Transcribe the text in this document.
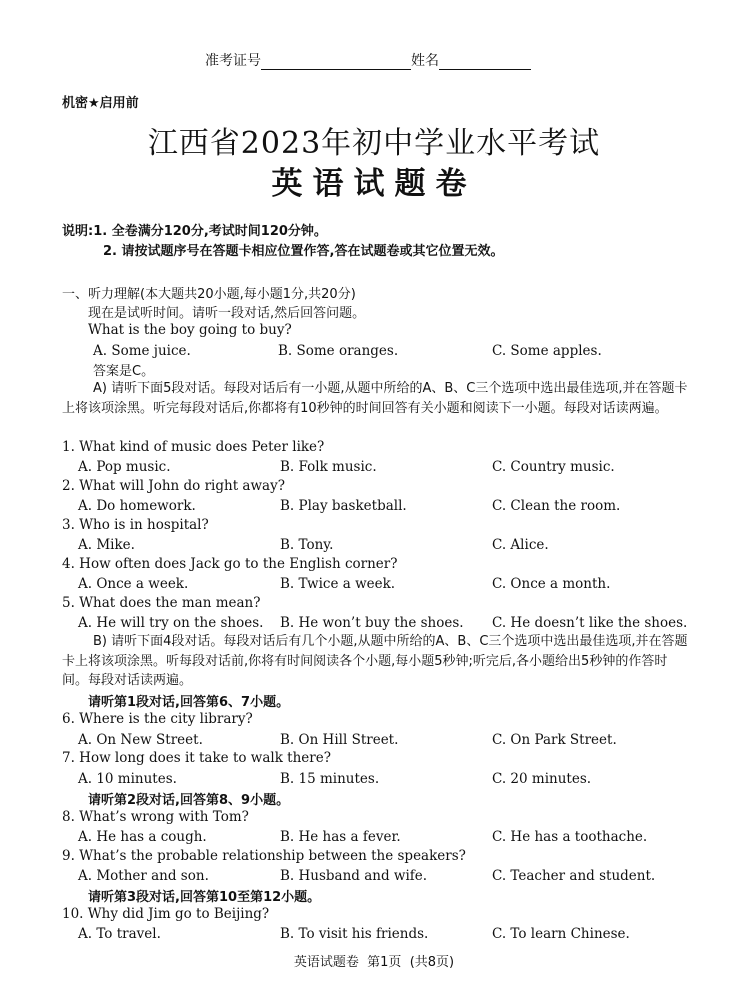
准考证号	姓名
机密★启用前
江西省2023年初中学业水平考试
英语试题卷
说明:1. 全卷满分120分,考试时间120分钟。
2. 请按试题序号在答题卡相应位置作答,答在试题卷或其它位置无效。
一、听力理解(本大题共20小题,每小题1分,共20分)
现在是试听时间。请听一段对话,然后回答问题。
What is the boy going to buy?
A. Some juice.	B. Some oranges.	C. Some apples.
答案是C。
A) 请听下面5段对话。每段对话后有一小题,从题中所给的A、B、C三个选项中选出最佳选项,并在答题卡上将该项涂黑。听完每段对话后,你都将有10秒钟的时间回答有关小题和阅读下一小题。每段对话读两遍。
1. What kind of music does Peter like?
A. Pop music.	B. Folk music.	C. Country music.
2. What will John do right away?
A. Do homework.	B. Play basketball.	C. Clean the room.
3. Who is in hospital?
A. Mike.	B. Tony.	C. Alice.
4. How often does Jack go to the English corner?
A. Once a week.	B. Twice a week.	C. Once a month.
5. What does the man mean?
A. He will try on the shoes. B. He won’t buy the shoes. C. He doesn’t like the shoes.
B) 请听下面4段对话。每段对话后有几个小题,从题中所给的A、B、C三个选项中选出最佳选项,并在答题卡上将该项涂黑。听每段对话前,你将有时间阅读各个小题,每小题5秒钟;听完后,各小题给出5秒钟的作答时间。每段对话读两遍。
请听第1段对话,回答第6、7小题。
6. Where is the city library?
A. On New Street.	B. On Hill Street.	C. On Park Street.
7. How long does it take to walk there?
A. 10 minutes.	B. 15 minutes.	C. 20 minutes.
请听第2段对话,回答第8、9小题。
8. What’s wrong with Tom?
A. He has a cough.	B. He has a fever.	C. He has a toothache.
9. What’s the probable relationship between the speakers?
A. Mother and son.	B. Husband and wife.	C. Teacher and student.
请听第3段对话,回答第10至第12小题。
10. Why did Jim go to Beijing?
A. To travel.	B. To visit his friends.	C. To learn Chinese.
英语试题卷  第1页  (共8页)
